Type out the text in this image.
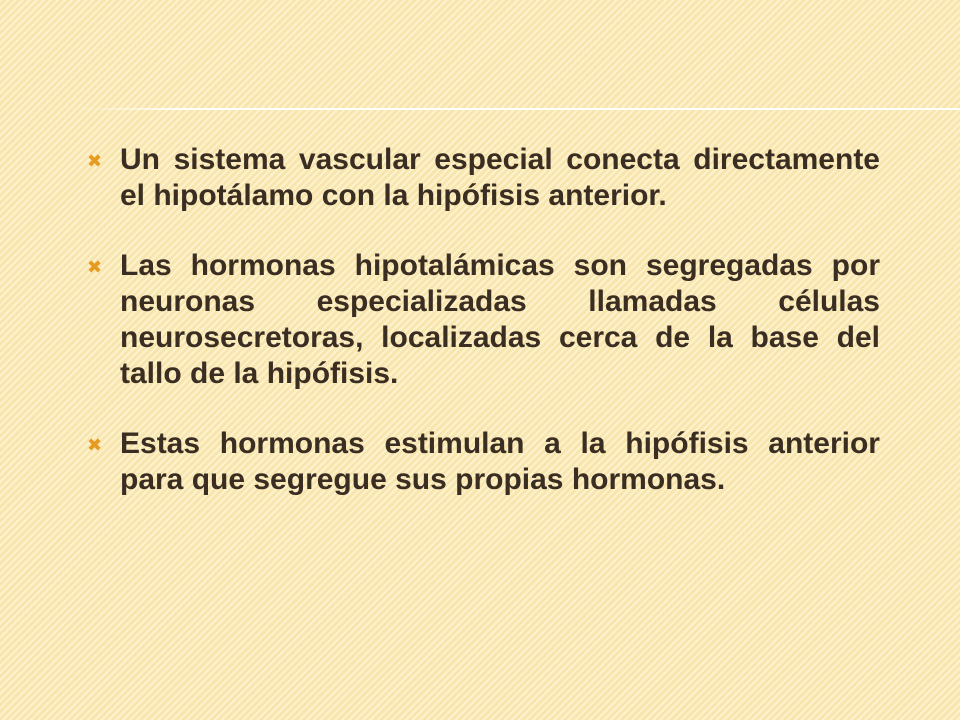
✖ Un sistema vascular especial conecta directamente el hipotálamo con la hipófisis anterior.
✖ Las hormonas hipotalámicas son segregadas por neuronas especializadas llamadas células neurosecretoras, localizadas cerca de la base del tallo de la hipófisis.
✖ Estas hormonas estimulan a la hipófisis anterior para que segregue sus propias hormonas.
